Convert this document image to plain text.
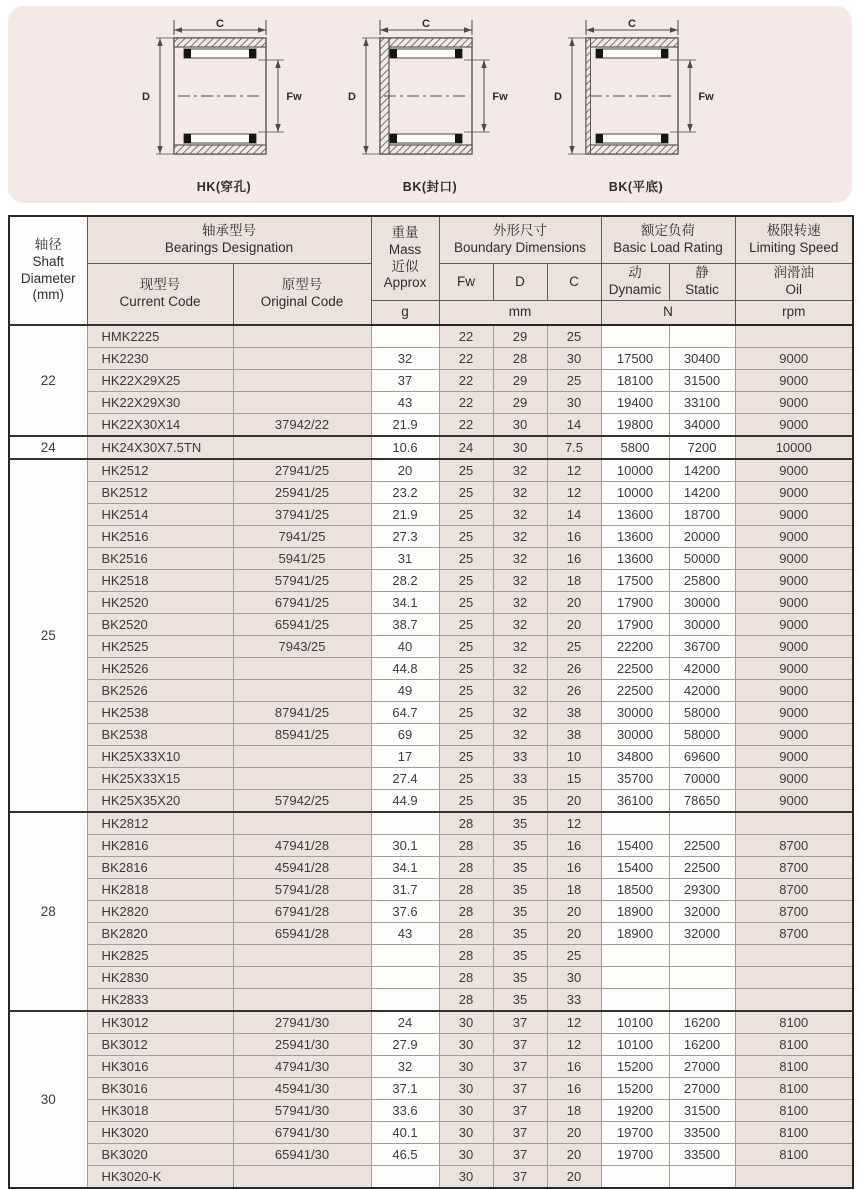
C
D	Fw
HK(穿孔)
C
D	Fw
BK(封口)
C
D	Fw
BK(平底)
轴径
Shaft
Diameter
(mm)	轴承型号
Bearings Designation		重量
Mass
近似
Approx	外形尺寸
Boundary Dimensions			额定负荷
Basic Load Rating		极限转速
Limiting Speed
	现型号
Current Code	原型号
Original Code		Fw	D	C	动
Dynamic	静
Static	润滑油
Oil
			g	mm			N		rpm
22	HMK2225			22	29	25			
	HK2230		32	22	28	30	17500	30400	9000
	HK22X29X25		37	22	29	25	18100	31500	9000
	HK22X29X30		43	22	29	30	19400	33100	9000
	HK22X30X14	37942/22	21.9	22	30	14	19800	34000	9000
24	HK24X30X7.5TN		10.6	24	30	7.5	5800	7200	10000
25	HK2512	27941/25	20	25	32	12	10000	14200	9000
	BK2512	25941/25	23.2	25	32	12	10000	14200	9000
	HK2514	37941/25	21.9	25	32	14	13600	18700	9000
	HK2516	7941/25	27.3	25	32	16	13600	20000	9000
	BK2516	5941/25	31	25	32	16	13600	50000	9000
	HK2518	57941/25	28.2	25	32	18	17500	25800	9000
	HK2520	67941/25	34.1	25	32	20	17900	30000	9000
	BK2520	65941/25	38.7	25	32	20	17900	30000	9000
	HK2525	7943/25	40	25	32	25	22200	36700	9000
	HK2526		44.8	25	32	26	22500	42000	9000
	BK2526		49	25	32	26	22500	42000	9000
	HK2538	87941/25	64.7	25	32	38	30000	58000	9000
	BK2538	85941/25	69	25	32	38	30000	58000	9000
	HK25X33X10		17	25	33	10	34800	69600	9000
	HK25X33X15		27.4	25	33	15	35700	70000	9000
	HK25X35X20	57942/25	44.9	25	35	20	36100	78650	9000
28	HK2812			28	35	12			
	HK2816	47941/28	30.1	28	35	16	15400	22500	8700
	BK2816	45941/28	34.1	28	35	16	15400	22500	8700
	HK2818	57941/28	31.7	28	35	18	18500	29300	8700
	HK2820	67941/28	37.6	28	35	20	18900	32000	8700
	BK2820	65941/28	43	28	35	20	18900	32000	8700
	HK2825			28	35	25			
	HK2830			28	35	30			
	HK2833			28	35	33			
30	HK3012	27941/30	24	30	37	12	10100	16200	8100
	BK3012	25941/30	27.9	30	37	12	10100	16200	8100
	HK3016	47941/30	32	30	37	16	15200	27000	8100
	BK3016	45941/30	37.1	30	37	16	15200	27000	8100
	HK3018	57941/30	33.6	30	37	18	19200	31500	8100
	HK3020	67941/30	40.1	30	37	20	19700	33500	8100
	BK3020	65941/30	46.5	30	37	20	19700	33500	8100
	HK3020-K			30	37	20			
